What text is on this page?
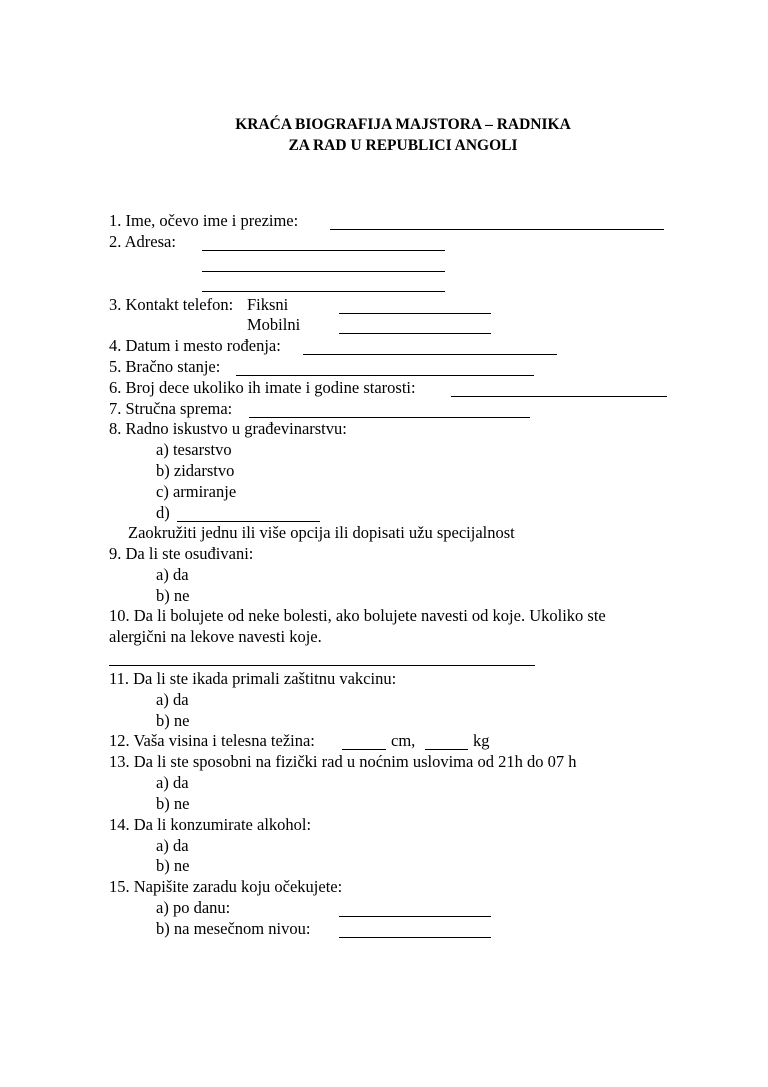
KRAĆA BIOGRAFIJA MAJSTORA – RADNIKA
ZA RAD U REPUBLICI ANGOLI
1. Ime, očevo ime i prezime:
2. Adresa:
3. Kontakt telefon: Fiksni
Mobilni
4. Datum i mesto rođenja:
5. Bračno stanje:
6. Broj dece ukoliko ih imate i godine starosti:
7. Stručna sprema:
8. Radno iskustvo u građevinarstvu:
a) tesarstvo
b) zidarstvo
c) armiranje
d)
Zaokružiti jednu ili više opcija ili dopisati užu specijalnost
9. Da li ste osuđivani:
a) da
b) ne
10. Da li bolujete od neke bolesti, ako bolujete navesti od koje. Ukoliko ste
alergični na lekove navesti koje.
11. Da li ste ikada primali zaštitnu vakcinu:
a) da
b) ne
12. Vaša visina i telesna težina:	cm,	kg
13. Da li ste sposobni na fizički rad u noćnim uslovima od 21h do 07 h
a) da
b) ne
14. Da li konzumirate alkohol:
a) da
b) ne
15. Napišite zaradu koju očekujete:
a) po danu:
b) na mesečnom nivou:
